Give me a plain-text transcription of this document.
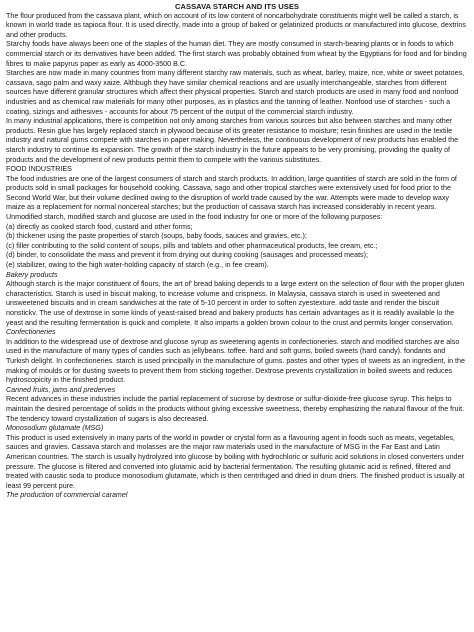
CASSAVA STARCH AND ITS USES

The flour produced from the cassava plant, which on account of its low content of noncarbohydrate constituents might well be called a starch, is known in world trade as tapioca flour. It is used directly, made into a group of baked or gelatinized products or manufactured into glucose, dextrins and other products.

Starchy foods have always been one of the staples of the human diet. They are mostly consumed in starch-bearing plants or in foods to which commercial starch or its derivatives have been added. The first starch was probably obtained from wheat by the Egyptians for food and for binding fibres to make papyrus paper as early as 4000-3500 B.C.

Starches are now made in many countries from many different starchy raw materials, such as wheat, barley, maize, rice, white or sweet potatoes, cassava, sago palm and waxy xaize. Althbugh they have similar chemical reactions and are usually interchangeable, starches from different sources have different granular structures which affect their physical properties. Starch and starch products are used in many food and nonfood industries and as chemical raw materials for many other purposes, as in plastics and the tanning of leather. Nonfood use of starches - such a coating, sizings and adhesives - accounts for about 75 percent of the output of the commercial starch industry.

In many industrial applications, there is competition not only among starches from various sources but also between starches and many other products. Resin glue has largely replaced starch in plywood because of its greater resistance to moisture; resin finishes are used in the textile industry and natural gums compete with starches in paper making. Nevertheless, the continuous development of new products has enabled the starch industry to continue its expansion. The growth of the starch industry in the future appears to be very promising, providing the quality of products and the development of new products permit them to compete with the various substitutes.

FOOD INDUSTRIES

The food industries are one of the largest consumers of starch and starch products. In addition, large quantities of starch are sold in the form of products sold in small packages for household cooking. Cassava, sago and other tropical starches were extensively used for food prior to the Second World War, but their volume declined owing to the disruption of world trade caused by the war. Attempts were made to develop waxy maize as a replacement for normal noncereal starches; but the production of cassava starch has increased considerably in recent years.

Unmodified starch, modified starch and glucose are used in the food industry for one or more of the following purposes:

(a) directly as cooked starch food, custard and other forms;

(b) thickener using the paste properties of starch (soups, baby foods, sauces and gravies, etc.);

(c) filler contributing to the solid content of soups, pills and tablets and other pharmaceutical products, fee cream, etc.;

(d) binder, to consolidate the mass and prevent it from drying out during cooking (sausages and processed meats);

(e) stabilizer, owing to the high water-holding capacity of starch (e.g., in fee cream).

Bakery products

Although starch is the major constituent of flours, the art of' bread baking depends to a large extent on the selection of flour with the proper gluten characteristics. Starch is used in biscuit making, to increase volume and crispness. In Malaysia, cassava starch is used in sweetened and unsweetened biscuits and in cream sandwiches at the rate of 5-10 percent in order to soften zyestexture. add taste and render the biscuit nonstickv. The use of dextrose in some kinds of yeast-raised bread and bakery products has certain advantages as it is readily available lo the yeast and the resulting fermentation is quick and complete. It also imparts a golden brown colour to the crust and permits longer conservation.

Confectioneries

In addition to the widespread use of dextrose and glucose syrup as sweetening agents in confectioneries. starch and modified starches are also used in the manufacture of many types of candies such as jellybeans. toffee. hard and soft gums, boiled sweets (hard candy). fondants and Turkish delight. In confectioneries. starch is used principally in the manufacture of gums. pastes and other types of sweets as an ingredient, in the making of moulds or for dusting sweets to prevent them from sticking together. Dextrose prevents crystallization in boiled sweets and reduces hydroscopicity in the finished product.

Canned fruits, jams and prederves

Recent advances in these industries include the partial replacement of sucrose by dextrose or sulfur-dioxide-free glucose syrup. This helps to maintain the desired percentage of solids in the products without giving excessive sweetness, thereby emphasizing the natural flavour of the fruit. The tendency toward crystallization of sugars is also decreased.

Monosodium glutamate (MSG)

This product is used extensively in many parts of the world in powder or crystal form as a flavouring agent in foods such as meats, vegetables, sauces and gravies. Cassava starch and molasses are the major raw materials used in the manufacture of MSG in the Far East and Latin American countries. The starch is usually hydrolyzed into glucose by boiling with hydrochloric or sulfuric acid solutions in closed converters under pressure. The glucose is filtered and converted into glutamic acid by bacterial fermentation. The resulting glutamic acid is refined, filtered and treated with caustic soda to produce monosodium glutamate, which is then centrifuged and dried in drum driers. The finished product is usually at least 99 percent pure.

The production of commercial caramel
